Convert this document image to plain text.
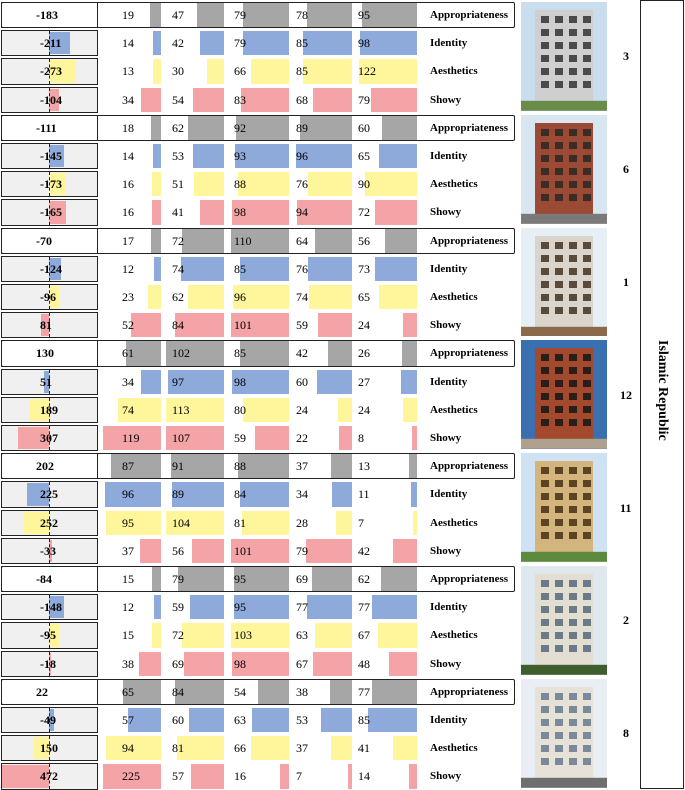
-183	19	47	79	78	95	Appropriateness
-211	14	42	79	85	98	Identity
-273	13	30	66	85	122	Aesthetics
-104	34	54	83	68	79	Showy
3
-111	18	62	92	89	60	Appropriateness
-145	14	53	93	96	65	Identity
-173	16	51	88	76	90	Aesthetics
-165	16	41	98	94	72	Showy
6
-70	17	72	110	64	56	Appropriateness
-124	12	74	85	76	73	Identity
-96	23	62	96	74	65	Aesthetics
81	52	84	101	59	24	Showy
1
130	61	102	85	42	26	Appropriateness
51	34	97	98	60	27	Identity
189	74	113	80	24	24	Aesthetics
307	119	107	59	22	8	Showy
12
202	87	91	88	37	13	Appropriateness
225	96	89	84	34	11	Identity
252	95	104	81	28	7	Aesthetics
-33	37	56	101	79	42	Showy
11
-84	15	79	95	69	62	Appropriateness
-148	12	59	95	77	77	Identity
-95	15	72	103	63	67	Aesthetics
-18	38	69	98	67	48	Showy
2
22	65	84	54	38	77	Appropriateness
-49	57	60	63	53	85	Identity
150	94	81	66	37	41	Aesthetics
472	225	57	16	7	14	Showy
8
Islamic Republic
